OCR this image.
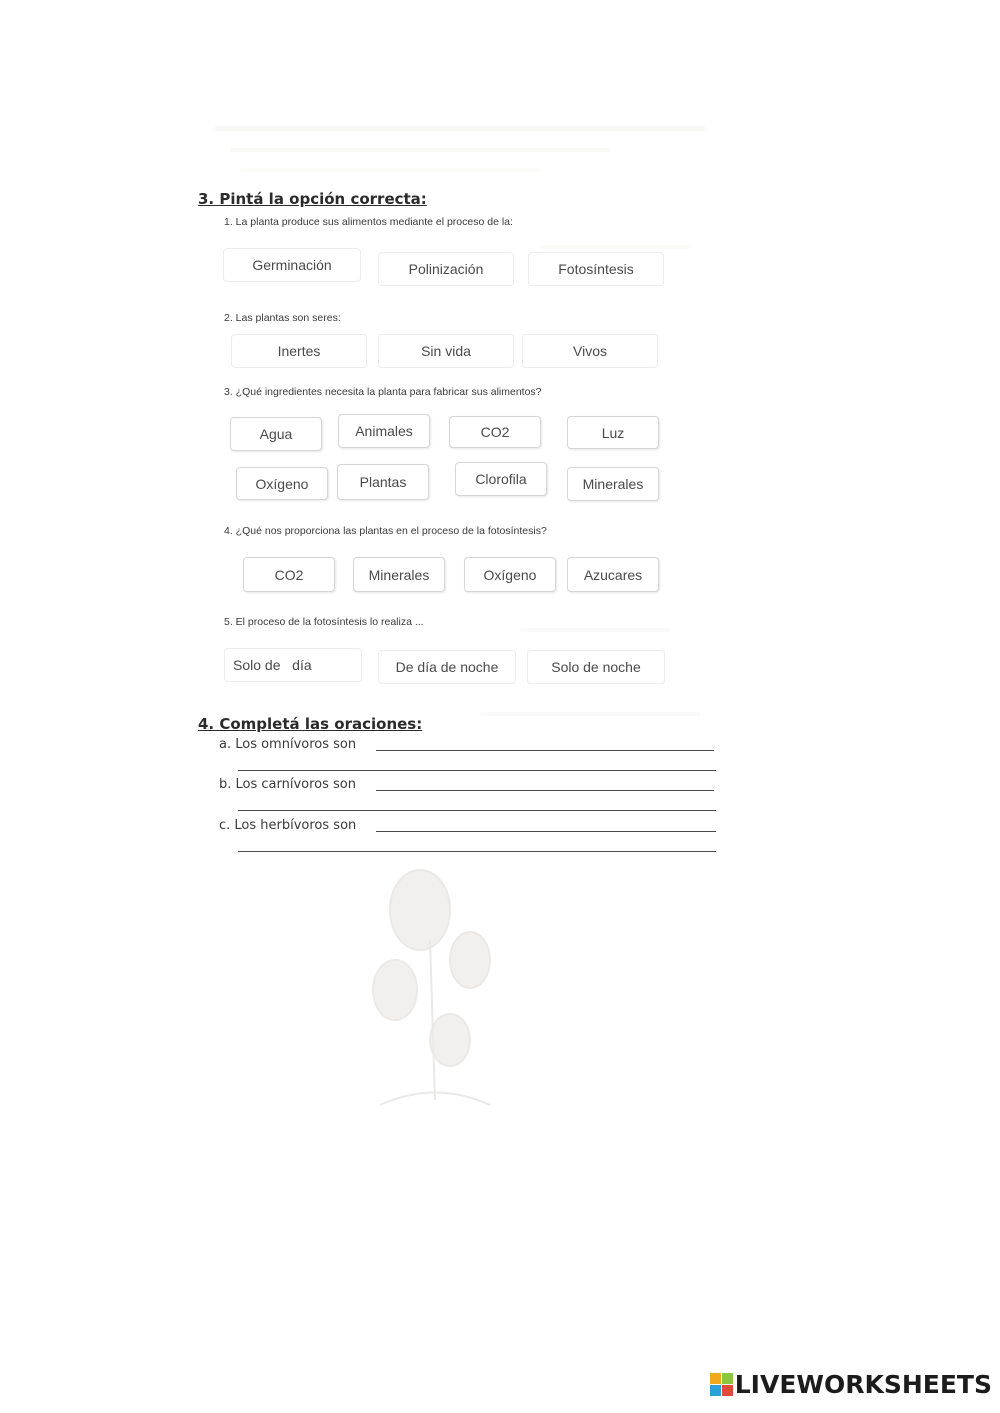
3. Pintá la opción correcta:
1. La planta produce sus alimentos mediante el proceso de la:
Germinación	Polinización	Fotosíntesis
2. Las plantas son seres:
Inertes	Sin vida	Vivos
3. ¿Qué ingredientes necesita la planta para fabricar sus alimentos?
Agua	Animales	CO2	Luz
Oxígeno	Plantas	Clorofila	Minerales
4. ¿Qué nos proporciona las plantas en el proceso de la fotosíntesis?
CO2	Minerales	Oxígeno	Azucares
5. El proceso de la fotosíntesis lo realiza ...
Solo de   día	De día de noche	Solo de noche
4. Completá las oraciones:
a. Los omnívoros son
b. Los carnívoros son
c. Los herbívoros son
LIVEWORKSHEETS
